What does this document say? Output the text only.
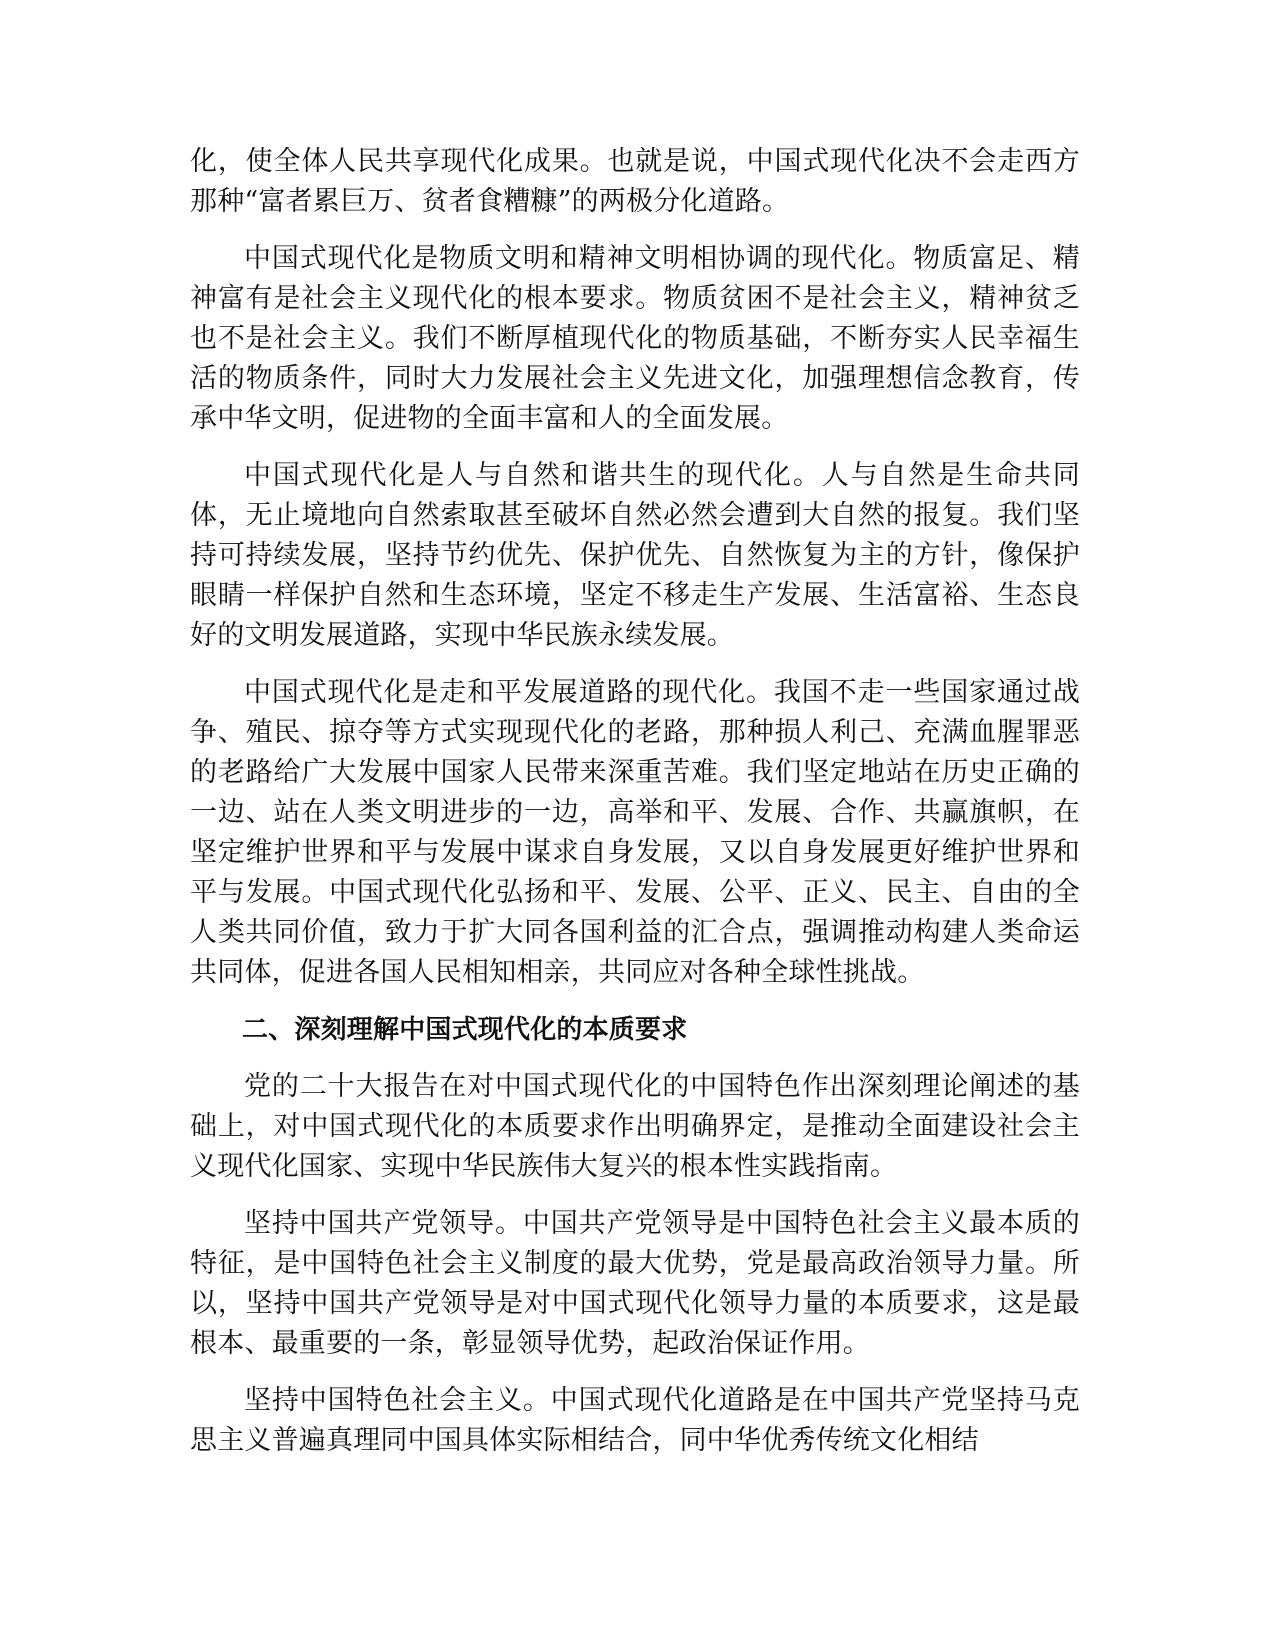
化，使全体人民共享现代化成果。也就是说，中国式现代化决不会走西方那种“富者累巨万、贫者食糟糠”的两极分化道路。

中国式现代化是物质文明和精神文明相协调的现代化。物质富足、精神富有是社会主义现代化的根本要求。物质贫困不是社会主义，精神贫乏也不是社会主义。我们不断厚植现代化的物质基础，不断夯实人民幸福生活的物质条件，同时大力发展社会主义先进文化，加强理想信念教育，传承中华文明，促进物的全面丰富和人的全面发展。

中国式现代化是人与自然和谐共生的现代化。人与自然是生命共同体，无止境地向自然索取甚至破坏自然必然会遭到大自然的报复。我们坚持可持续发展，坚持节约优先、保护优先、自然恢复为主的方针，像保护眼睛一样保护自然和生态环境，坚定不移走生产发展、生活富裕、生态良好的文明发展道路，实现中华民族永续发展。

中国式现代化是走和平发展道路的现代化。我国不走一些国家通过战争、殖民、掠夺等方式实现现代化的老路，那种损人利己、充满血腥罪恶的老路给广大发展中国家人民带来深重苦难。我们坚定地站在历史正确的一边、站在人类文明进步的一边，高举和平、发展、合作、共赢旗帜，在坚定维护世界和平与发展中谋求自身发展，又以自身发展更好维护世界和平与发展。中国式现代化弘扬和平、发展、公平、正义、民主、自由的全人类共同价值，致力于扩大同各国利益的汇合点，强调推动构建人类命运共同体，促进各国人民相知相亲，共同应对各种全球性挑战。

二、深刻理解中国式现代化的本质要求

党的二十大报告在对中国式现代化的中国特色作出深刻理论阐述的基础上，对中国式现代化的本质要求作出明确界定，是推动全面建设社会主义现代化国家、实现中华民族伟大复兴的根本性实践指南。

坚持中国共产党领导。中国共产党领导是中国特色社会主义最本质的特征，是中国特色社会主义制度的最大优势，党是最高政治领导力量。所以，坚持中国共产党领导是对中国式现代化领导力量的本质要求，这是最根本、最重要的一条，彰显领导优势，起政治保证作用。

坚持中国特色社会主义。中国式现代化道路是在中国共产党坚持马克思主义普遍真理同中国具体实际相结合，同中华优秀传统文化相结
